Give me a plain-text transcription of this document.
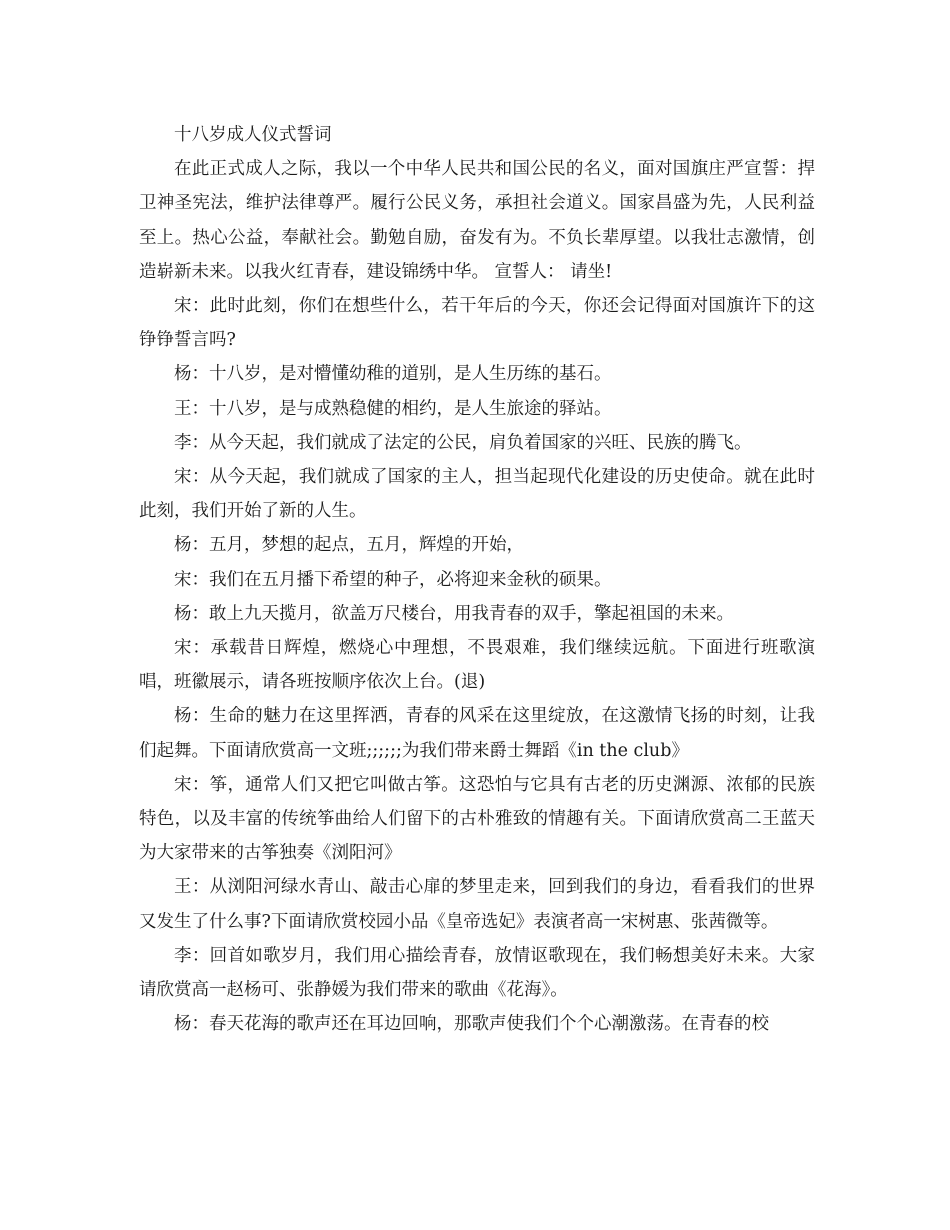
十八岁成人仪式誓词

在此正式成人之际，我以一个中华人民共和国公民的名义，面对国旗庄严宣誓：捍卫神圣宪法，维护法律尊严。履行公民义务，承担社会道义。国家昌盛为先，人民利益至上。热心公益，奉献社会。勤勉自励，奋发有为。不负长辈厚望。以我壮志激情，创造崭新未来。以我火红青春，建设锦绣中华。 宣誓人： 请坐!

宋：此时此刻，你们在想些什么，若干年后的今天，你还会记得面对国旗许下的这铮铮誓言吗?

杨：十八岁，是对懵懂幼稚的道别，是人生历练的基石。

王：十八岁，是与成熟稳健的相约，是人生旅途的驿站。

李：从今天起，我们就成了法定的公民，肩负着国家的兴旺、民族的腾飞。

宋：从今天起，我们就成了国家的主人，担当起现代化建设的历史使命。就在此时此刻，我们开始了新的人生。

杨：五月，梦想的起点，五月，辉煌的开始，

宋：我们在五月播下希望的种子，必将迎来金秋的硕果。

杨：敢上九天揽月，欲盖万尺楼台，用我青春的双手，擎起祖国的未来。

宋：承载昔日辉煌，燃烧心中理想，不畏艰难，我们继续远航。下面进行班歌演唱，班徽展示，请各班按顺序依次上台。(退)

杨：生命的魅力在这里挥洒，青春的风采在这里绽放，在这激情飞扬的时刻，让我们起舞。下面请欣赏高一文班;;;;;;为我们带来爵士舞蹈《in the club》

宋：筝，通常人们又把它叫做古筝。这恐怕与它具有古老的历史渊源、浓郁的民族特色，以及丰富的传统筝曲给人们留下的古朴雅致的情趣有关。下面请欣赏高二王蓝天为大家带来的古筝独奏《浏阳河》

王：从浏阳河绿水青山、敲击心扉的梦里走来，回到我们的身边，看看我们的世界又发生了什么事?下面请欣赏校园小品《皇帝选妃》表演者高一宋树惠、张茜微等。

李：回首如歌岁月，我们用心描绘青春，放情讴歌现在，我们畅想美好未来。大家请欣赏高一赵杨可、张静媛为我们带来的歌曲《花海》。

杨：春天花海的歌声还在耳边回响，那歌声使我们个个心潮激荡。在青春的校
